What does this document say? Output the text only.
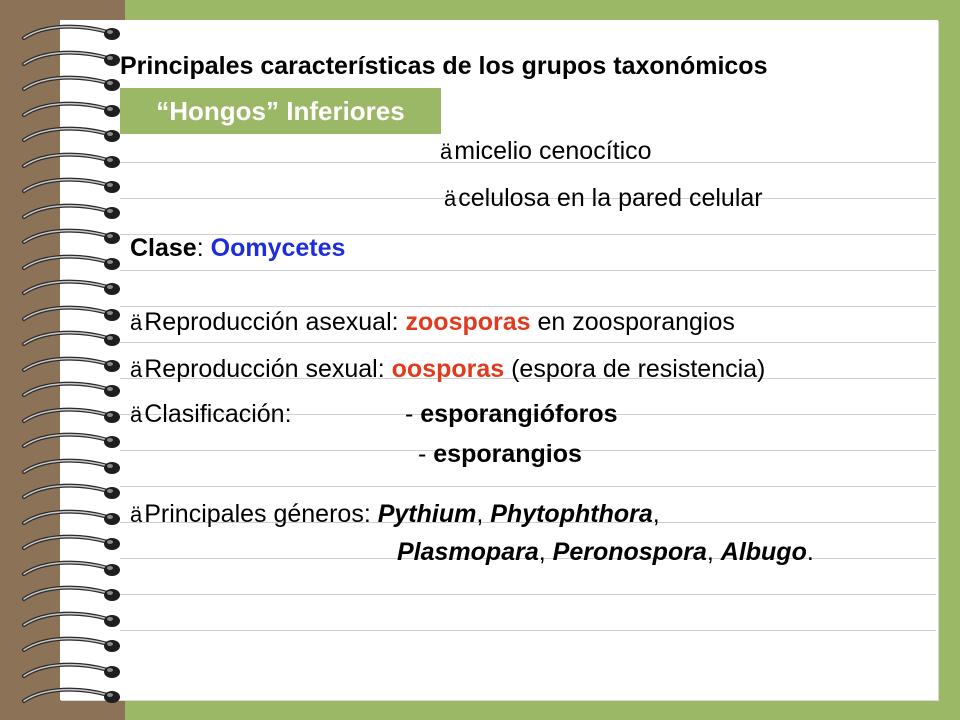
Principales características de los grupos taxonómicos
“Hongos” Inferiores
ämicelio cenocítico
äcelulosa en la pared celular
Clase: Oomycetes
äReproducción asexual: zoosporas en zoosporangios
äReproducción sexual: oosporas (espora de resistencia)
äClasificación:	- esporangióforos
- esporangios
äPrincipales géneros: Pythium, Phytophthora,
Plasmopara, Peronospora, Albugo.
